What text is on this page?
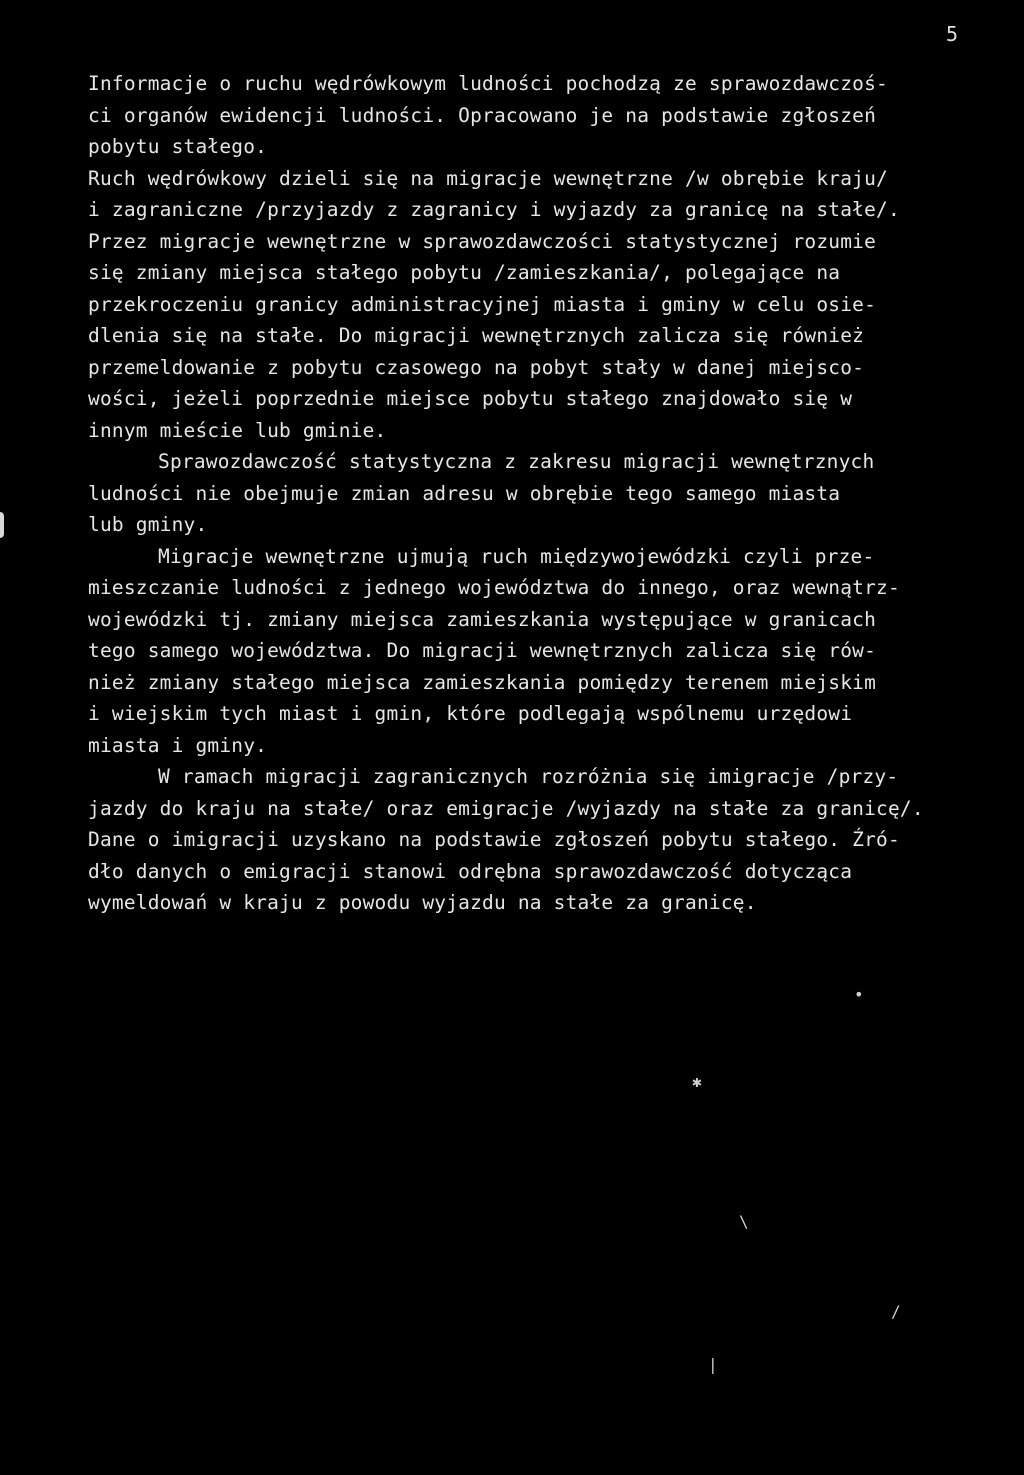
5
Informacje o ruchu wędrówkowym ludności pochodzą ze sprawozdawczoś-
ci organów ewidencji ludności. Opracowano je na podstawie zgłoszeń
pobytu stałego.
Ruch wędrówkowy dzieli się na migracje wewnętrzne /w obrębie kraju/
i zagraniczne /przyjazdy z zagranicy i wyjazdy za granicę na stałe/.
Przez migracje wewnętrzne w sprawozdawczości statystycznej rozumie
się zmiany miejsca stałego pobytu /zamieszkania/, polegające na
przekroczeniu granicy administracyjnej miasta i gminy w celu osie-
dlenia się na stałe. Do migracji wewnętrznych zalicza się również
przemeldowanie z pobytu czasowego na pobyt stały w danej miejsco-
wości, jeżeli poprzednie miejsce pobytu stałego znajdowało się w
innym mieście lub gminie.
Sprawozdawczość statystyczna z zakresu migracji wewnętrznych
ludności nie obejmuje zmian adresu w obrębie tego samego miasta
lub gminy.
Migracje wewnętrzne ujmują ruch międzywojewódzki czyli prze-
mieszczanie ludności z jednego województwa do innego, oraz wewnątrz-
wojewódzki tj. zmiany miejsca zamieszkania występujące w granicach
tego samego województwa. Do migracji wewnętrznych zalicza się rów-
nież zmiany stałego miejsca zamieszkania pomiędzy terenem miejskim
i wiejskim tych miast i gmin, które podlegają wspólnemu urzędowi
miasta i gminy.
W ramach migracji zagranicznych rozróżnia się imigracje /przy-
jazdy do kraju na stałe/ oraz emigracje /wyjazdy na stałe za granicę/.
Dane o imigracji uzyskano na podstawie zgłoszeń pobytu stałego. Źró-
dło danych o emigracji stanowi odrębna sprawozdawczość dotycząca
wymeldowań w kraju z powodu wyjazdu na stałe za granicę.
•
✱
\
/
|
